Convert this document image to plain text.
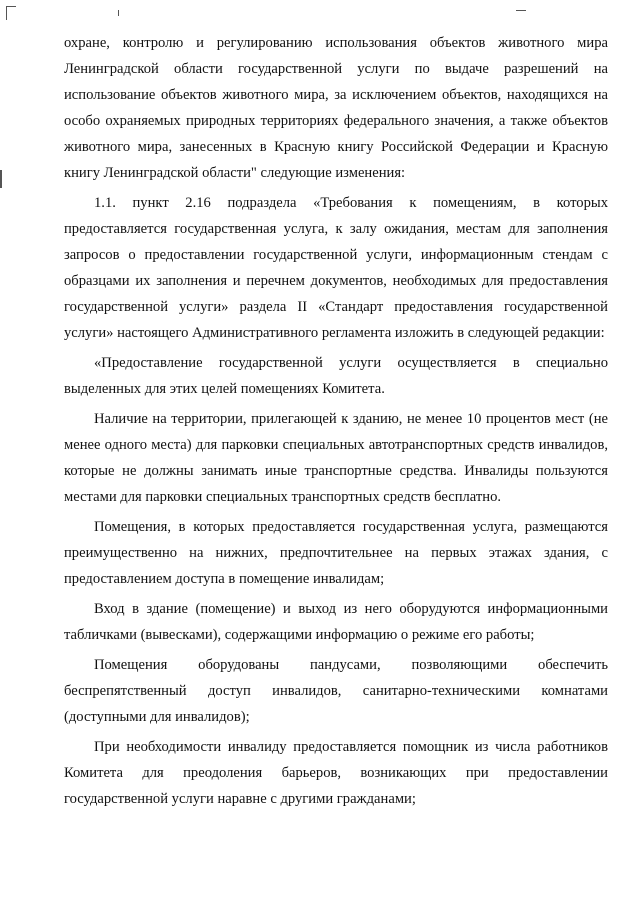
охране, контролю и регулированию использования объектов животного мира Ленинградской области государственной услуги по выдаче разрешений на использование объектов животного мира, за исключением объектов, находящихся на особо охраняемых природных территориях федерального значения, а также объектов животного мира, занесенных в Красную книгу Российской Федерации и Красную книгу Ленинградской области" следующие изменения:

1.1. пункт 2.16 подраздела «Требования к помещениям, в которых предоставляется государственная услуга, к залу ожидания, местам для заполнения запросов о предоставлении государственной услуги, информационным стендам с образцами их заполнения и перечнем документов, необходимых для предоставления государственной услуги» раздела II «Стандарт предоставления государственной услуги» настоящего Административного регламента изложить в следующей редакции:

«Предоставление государственной услуги осуществляется в специально выделенных для этих целей помещениях Комитета.

Наличие на территории, прилегающей к зданию, не менее 10 процентов мест (не менее одного места) для парковки специальных автотранспортных средств инвалидов, которые не должны занимать иные транспортные средства. Инвалиды пользуются местами для парковки специальных транспортных средств бесплатно.

Помещения, в которых предоставляется государственная услуга, размещаются преимущественно на нижних, предпочтительнее на первых этажах здания, с предоставлением доступа в помещение инвалидам;

Вход в здание (помещение) и выход из него оборудуются информационными табличками (вывесками), содержащими информацию о режиме его работы;

Помещения оборудованы пандусами, позволяющими обеспечить беспрепятственный доступ инвалидов, санитарно-техническими комнатами (доступными для инвалидов);

При необходимости инвалиду предоставляется помощник из числа работников Комитета для преодоления барьеров, возникающих при предоставлении государственной услуги наравне с другими гражданами;
